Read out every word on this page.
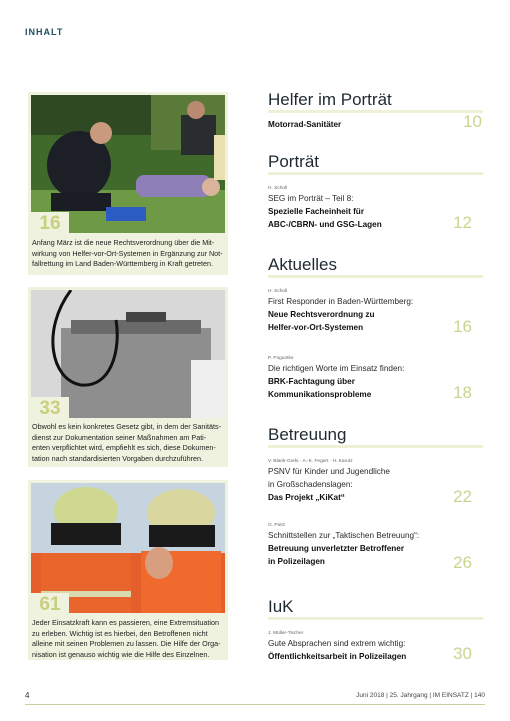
INHALT
16
Anfang März ist die neue Rechtsverordnung über die Mit-
wirkung von Helfer-vor-Ort-Systemen in Ergänzung zur Not-
fallrettung im Land Baden-Württemberg in Kraft getreten.
33
Obwohl es kein konkretes Gesetz gibt, in dem der Sanitäts-
dienst zur Dokumentation seiner Maßnahmen am Pati-
enten verpflichtet wird, empfiehlt es sich, diese Dokumen-
tation nach standardisierten Vorgaben durchzuführen.
61
Jeder Einsatzkraft kann es passieren, eine Extremsituation
zu erleben. Wichtig ist es hierbei, den Betroffenen nicht
alleine mit seinen Problemen zu lassen. Die Hilfe der Orga-
nisation ist genauso wichtig wie die Hilfe des Einzelnen.
Helfer im Porträt
Motorrad-Sanitäter	10
Porträt
H. Scholl
SEG im Porträt – Teil 8:
Spezielle Facheinheit für
ABC-/CBRN- und GSG-Lagen	12
Aktuelles
H. Scholl
First Responder in Baden-Württemberg:
Neue Rechtsverordnung zu
Helfer-vor-Ort-Systemen	16
P. Poguntke
Die richtigen Worte im Einsatz finden:
BRK-Fachtagung über
Kommunikationsprobleme	18
Betreuung
V. Blank-Gorki · A.-K. Fegert · H. Karutz
PSNV für Kinder und Jugendliche
in Großschadenslagen:
Das Projekt „KiKat“	22
G. Pietz
Schnittstellen zur „Taktischen Betreuung“:
Betreuung unverletzter Betroffener
in Polizeilagen	26
IuK
J. Müller-Tischer
Gute Absprachen sind extrem wichtig:
Öffentlichkeitsarbeit in Polizeilagen	30
4	Juni 2018 | 25. Jahrgang | IM EINSATZ | 140
